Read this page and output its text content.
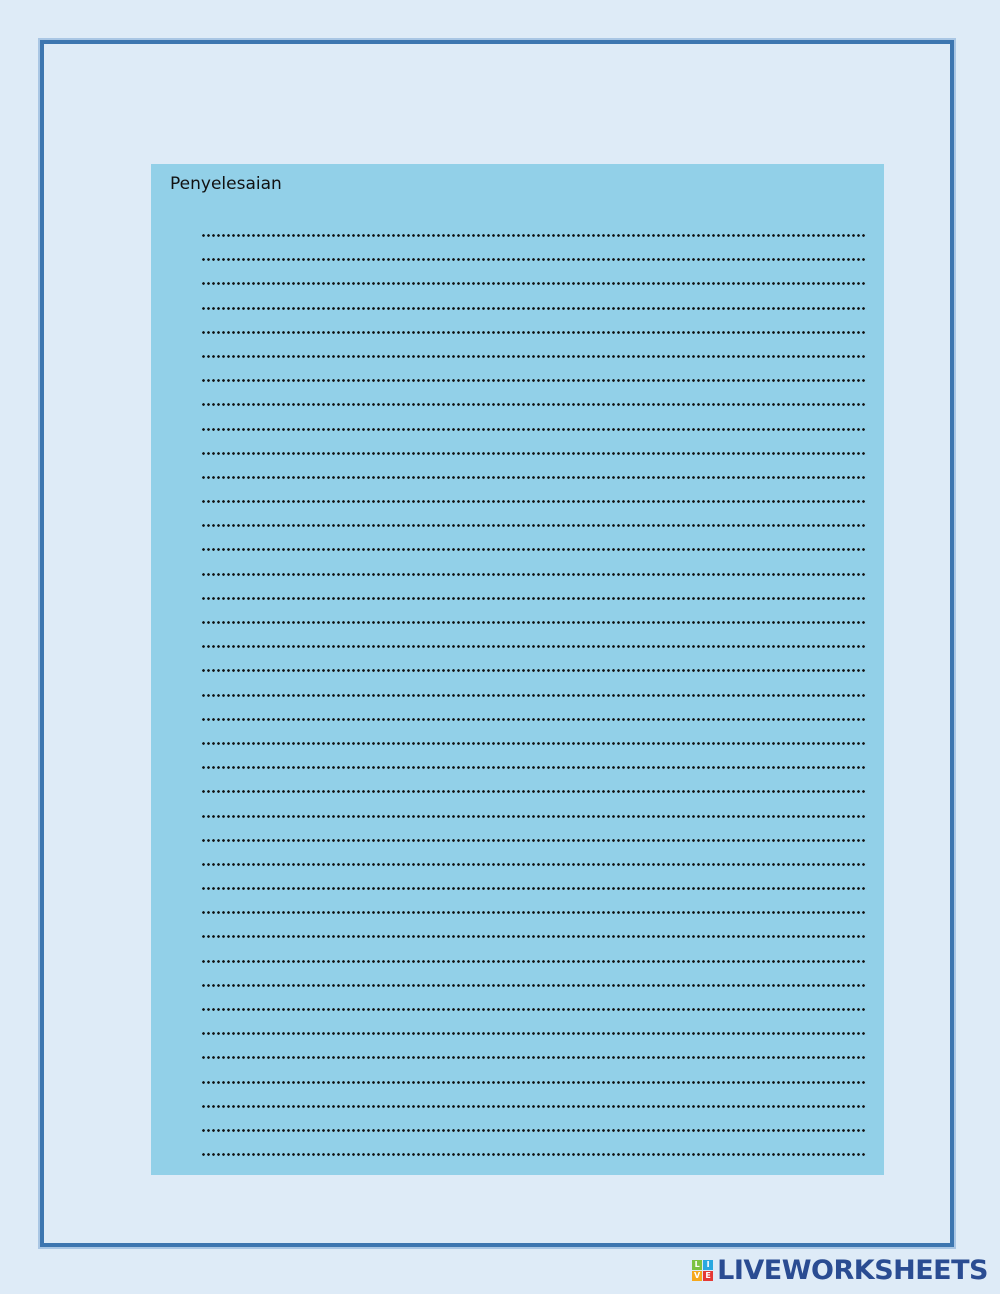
Penyelesaian
L I
V E LIVEWORKSHEETS
